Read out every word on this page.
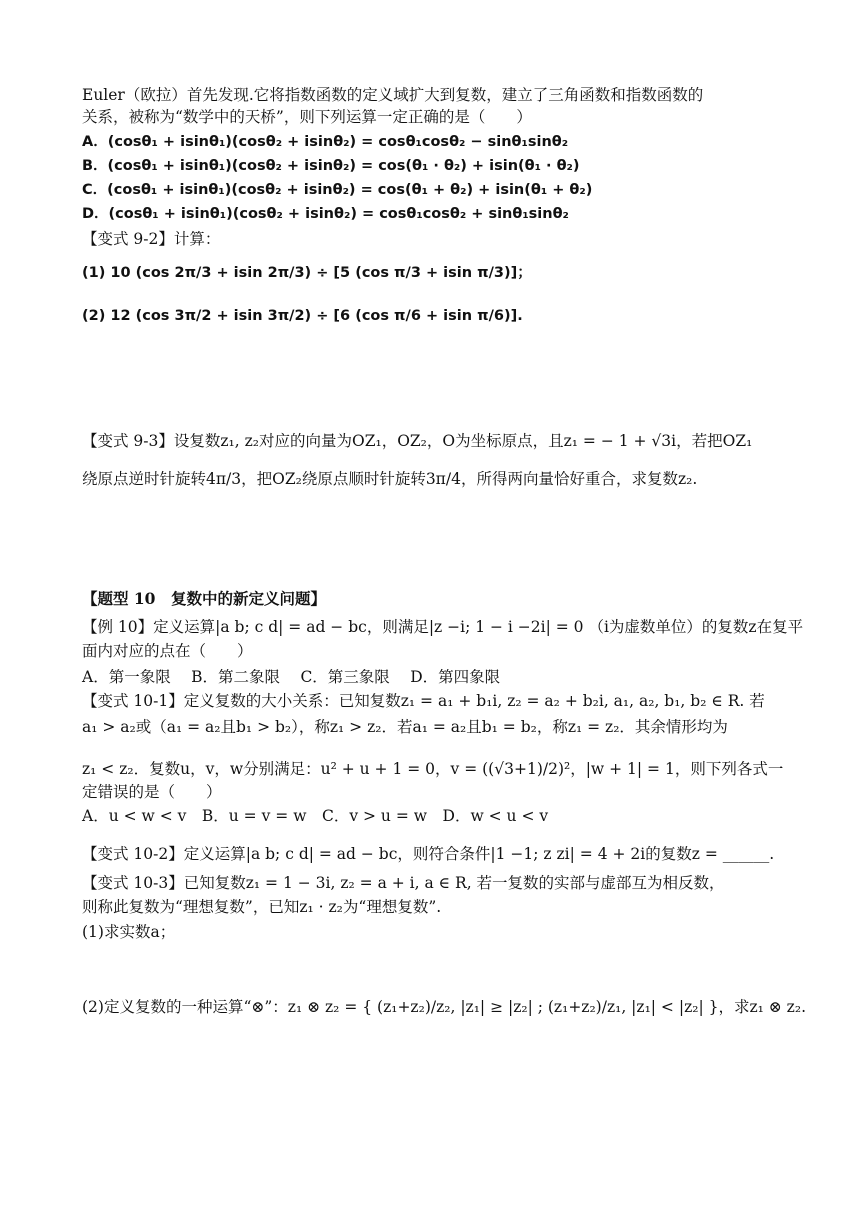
Euler（欧拉）首先发现.它将指数函数的定义域扩大到复数，建立了三角函数和指数函数的
关系，被称为“数学中的天桥”，则下列运算一定正确的是（　　）
A．(cosθ₁ + isinθ₁)(cosθ₂ + isinθ₂) = cosθ₁cosθ₂ − sinθ₁sinθ₂
B．(cosθ₁ + isinθ₁)(cosθ₂ + isinθ₂) = cos(θ₁ · θ₂) + isin(θ₁ · θ₂)
C．(cosθ₁ + isinθ₁)(cosθ₂ + isinθ₂) = cos(θ₁ + θ₂) + isin(θ₁ + θ₂)
D．(cosθ₁ + isinθ₁)(cosθ₂ + isinθ₂) = cosθ₁cosθ₂ + sinθ₁sinθ₂
【变式 9-2】计算：
(1) 10 (cos 2π/3 + isin 2π/3) ÷ [5 (cos π/3 + isin π/3)]；
(2) 12 (cos 3π/2 + isin 3π/2) ÷ [6 (cos π/6 + isin π/6)].
【变式 9-3】设复数z₁, z₂对应的向量为OZ₁，OZ₂，O为坐标原点，且z₁ = − 1 + √3i，若把OZ₁
绕原点逆时针旋转4π/3，把OZ₂绕原点顺时针旋转3π/4，所得两向量恰好重合，求复数z₂.
【题型 10　复数中的新定义问题】
【例 10】定义运算|a b; c d| = ad − bc，则满足|z −i; 1 − i −2i| = 0 （i为虚数单位）的复数z在复平
面内对应的点在（　　）
A．第一象限　 B．第二象限　 C．第三象限　 D．第四象限
【变式 10-1】定义复数的大小关系：已知复数z₁ = a₁ + b₁i, z₂ = a₂ + b₂i, a₁, a₂, b₁, b₂ ∈ R. 若
a₁ > a₂或（a₁ = a₂且b₁ > b₂），称z₁ > z₂．若a₁ = a₂且b₁ = b₂，称z₁ = z₂．其余情形均为
z₁ < z₂．复数u，v，w分别满足：u² + u + 1 = 0，v = ((√3+1)/2)²，|w + 1| = 1，则下列各式一
定错误的是（　　）
A．u < w < v　B．u = v = w　C．v > u = w　D．w < u < v
【变式 10-2】定义运算|a b; c d| = ad − bc，则符合条件|1 −1; z zi| = 4 + 2i的复数z = ______.
【变式 10-3】已知复数z₁ = 1 − 3i, z₂ = a + i, a ∈ R, 若一复数的实部与虚部互为相反数，
则称此复数为“理想复数”，已知z₁ · z₂为“理想复数”.
(1)求实数a；
(2)定义复数的一种运算“⊗”：z₁ ⊗ z₂ = { (z₁+z₂)/z₂, |z₁| ≥ |z₂| ; (z₁+z₂)/z₁, |z₁| < |z₂| }，求z₁ ⊗ z₂.
